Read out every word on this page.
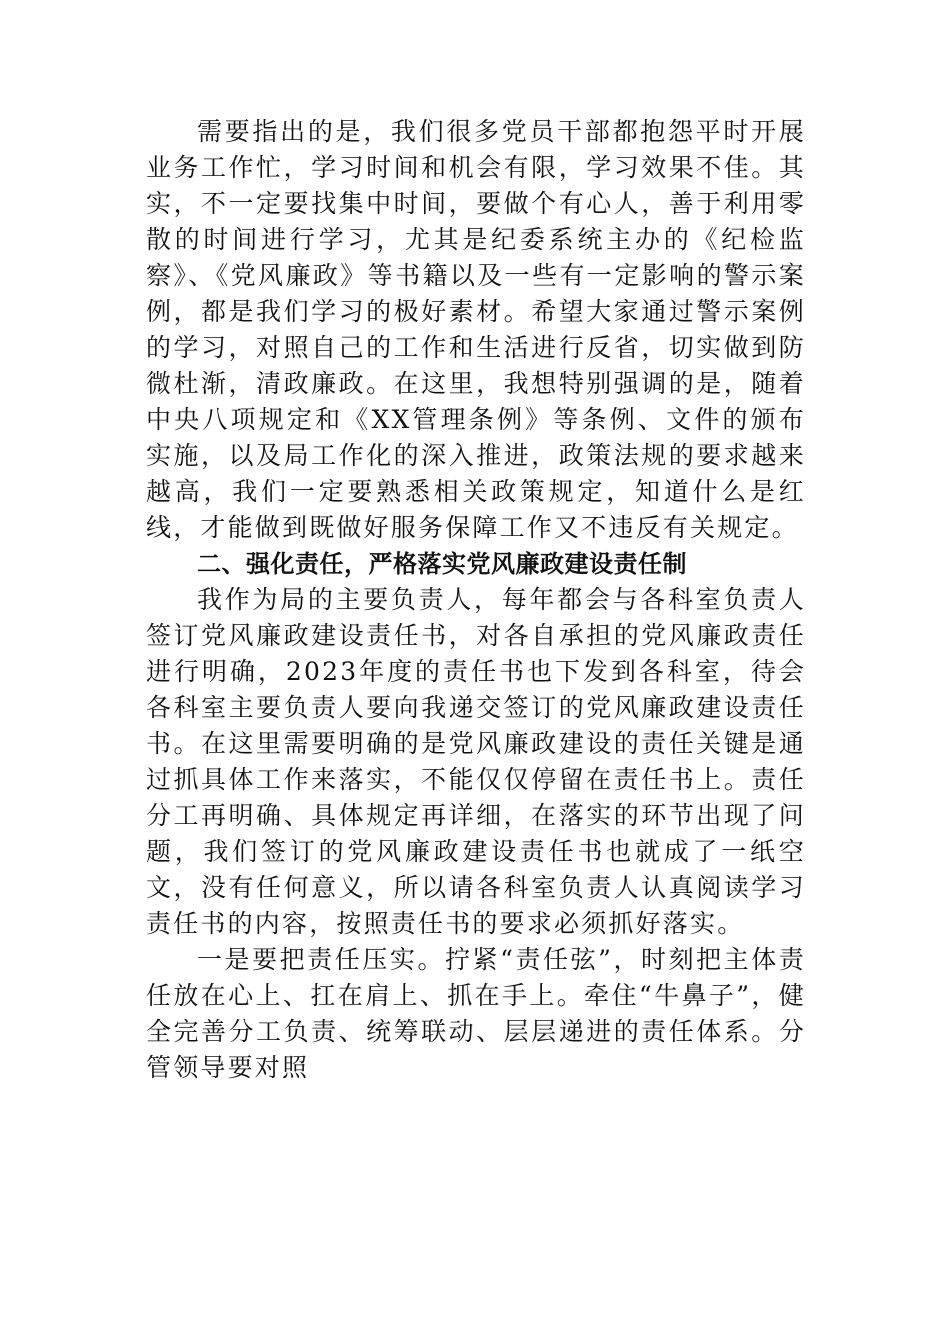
需要指出的是，我们很多党员干部都抱怨平时开展业务工作忙，学习时间和机会有限，学习效果不佳。其实，不一定要找集中时间，要做个有心人，善于利用零散的时间进行学习，尤其是纪委系统主办的《纪检监察》、《党风廉政》等书籍以及一些有一定影响的警示案例，都是我们学习的极好素材。希望大家通过警示案例的学习，对照自己的工作和生活进行反省，切实做到防微杜渐，清政廉政。在这里，我想特别强调的是，随着中央八项规定和《XX管理条例》等条例、文件的颁布实施，以及局工作化的深入推进，政策法规的要求越来越高，我们一定要熟悉相关政策规定，知道什么是红线，才能做到既做好服务保障工作又不违反有关规定。

二、强化责任，严格落实党风廉政建设责任制

我作为局的主要负责人，每年都会与各科室负责人签订党风廉政建设责任书，对各自承担的党风廉政责任进行明确，2023年度的责任书也下发到各科室，待会各科室主要负责人要向我递交签订的党风廉政建设责任书。在这里需要明确的是党风廉政建设的责任关键是通过抓具体工作来落实，不能仅仅停留在责任书上。责任分工再明确、具体规定再详细，在落实的环节出现了问题，我们签订的党风廉政建设责任书也就成了一纸空文，没有任何意义，所以请各科室负责人认真阅读学习责任书的内容，按照责任书的要求必须抓好落实。

一是要把责任压实。拧紧“责任弦”，时刻把主体责任放在心上、扛在肩上、抓在手上。牵住“牛鼻子”，健全完善分工负责、统筹联动、层层递进的责任体系。分管领导要对照
